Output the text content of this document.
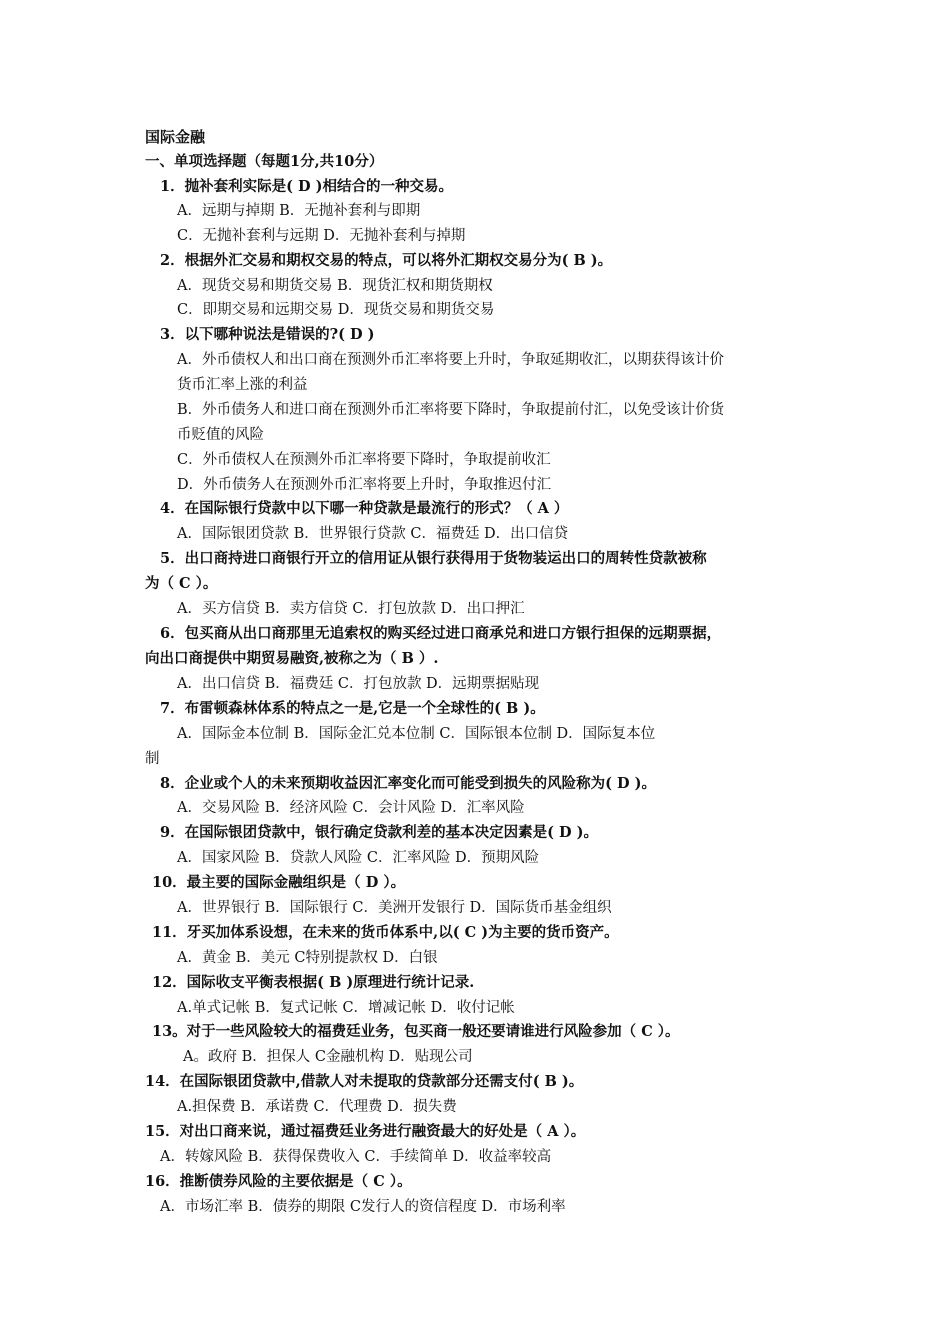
国际金融
一、单项选择题（每题1分,共10分）
1．抛补套利实际是( D )相结合的一种交易。
A．远期与掉期 B．无抛补套利与即期
C．无抛补套利与远期 D．无抛补套利与掉期
2．根据外汇交易和期权交易的特点，可以将外汇期权交易分为( B )。
A．现货交易和期货交易 B．现货汇权和期货期权
C．即期交易和远期交易 D．现货交易和期货交易
3．以下哪种说法是错误的?( D )
A．外币债权人和出口商在预测外币汇率将要上升时，争取延期收汇，以期获得该计价
货币汇率上涨的利益
B．外币债务人和进口商在预测外币汇率将要下降时，争取提前付汇，以免受该计价货
币贬值的风险
C．外币债权人在预测外币汇率将要下降时，争取提前收汇
D．外币债务人在预测外币汇率将要上升时，争取推迟付汇
4．在国际银行贷款中以下哪一种贷款是最流行的形式？（ A ）
A．国际银团贷款 B．世界银行贷款 C．福费廷 D．出口信贷
5．出口商持进口商银行开立的信用证从银行获得用于货物装运出口的周转性贷款被称
为（ C ）。
A．买方信贷 B．卖方信贷 C．打包放款 D．出口押汇
6．包买商从出口商那里无追索权的购买经过进口商承兑和进口方银行担保的远期票据，
向出口商提供中期贸易融资,被称之为（ B ）.
A．出口信贷 B．福费廷 C．打包放款 D．远期票据贴现
7．布雷顿森林体系的特点之一是,它是一个全球性的( B )。
A．国际金本位制 B．国际金汇兑本位制 C．国际银本位制 D．国际复本位
制
8．企业或个人的未来预期收益因汇率变化而可能受到损失的风险称为( D )。
A．交易风险 B．经济风险 C．会计风险 D．汇率风险
9．在国际银团贷款中，银行确定贷款利差的基本决定因素是( D )。
A．国家风险 B．贷款人风险 C．汇率风险 D．预期风险
10．最主要的国际金融组织是（ D ）。
A．世界银行 B．国际银行 C．美洲开发银行 D．国际货币基金组织
11．牙买加体系设想，在未来的货币体系中,以( C )为主要的货币资产。
A．黄金 B．美元 C特别提款权 D．白银
12．国际收支平衡表根据( B )原理进行统计记录.
A.单式记帐 B．复式记帐 C．增减记帐 D．收付记帐
13。对于一些风险较大的福费廷业务，包买商一般还要请谁进行风险参加（ C ）。
A。政府 B．担保人 C金融机构 D．贴现公司
14．在国际银团贷款中,借款人对未提取的贷款部分还需支付( B )。
A.担保费 B．承诺费 C．代理费 D．损失费
15．对出口商来说，通过福费廷业务进行融资最大的好处是（ A ）。
A．转嫁风险 B．获得保费收入 C．手续简单 D．收益率较高
16．推断债券风险的主要依据是（ C ）。
A．市场汇率 B．债券的期限 C发行人的资信程度 D．市场利率
